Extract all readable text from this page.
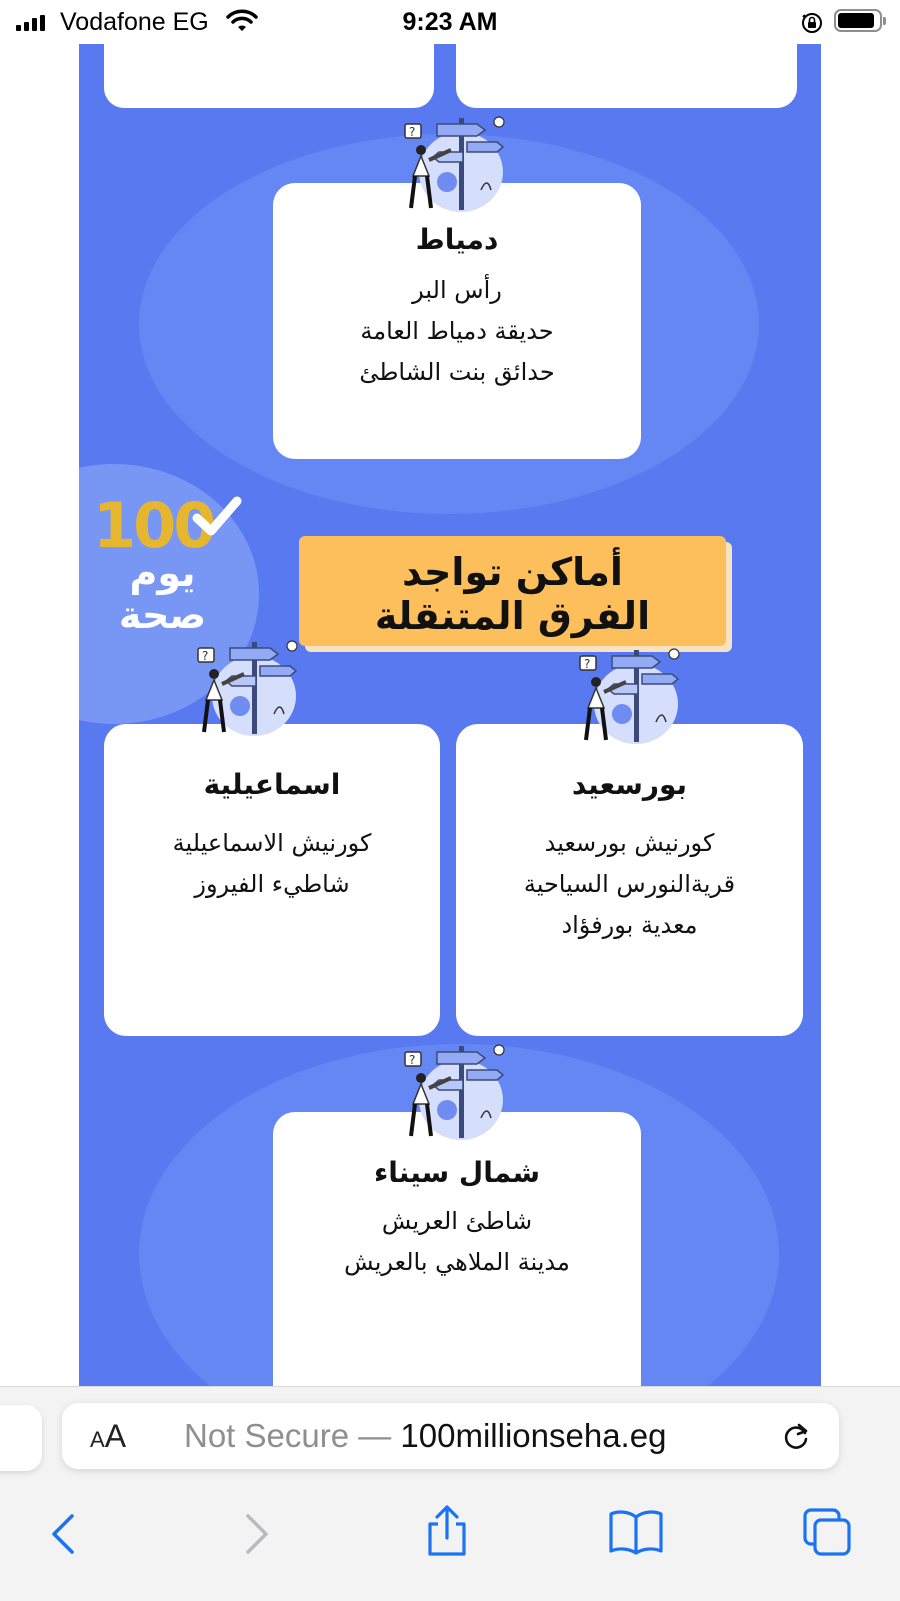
Vodafone EG	9:23 AM
دمياط
رأس البر
حديقة دمياط العامة
حدائق بنت الشاطئ
100
يوم
صحة
أماكن تواجد
الفرق المتنقلة
اسماعيلية
كورنيش الاسماعيلية
شاطيء الفيروز
بورسعيد
كورنيش بورسعيد
قريةالنورس السياحية
معدية بورفؤاد
شمال سيناء
شاطئ العريش
مدينة الملاهي بالعريش
?
?
?
?
AA Not Secure — 100millionseha.eg
